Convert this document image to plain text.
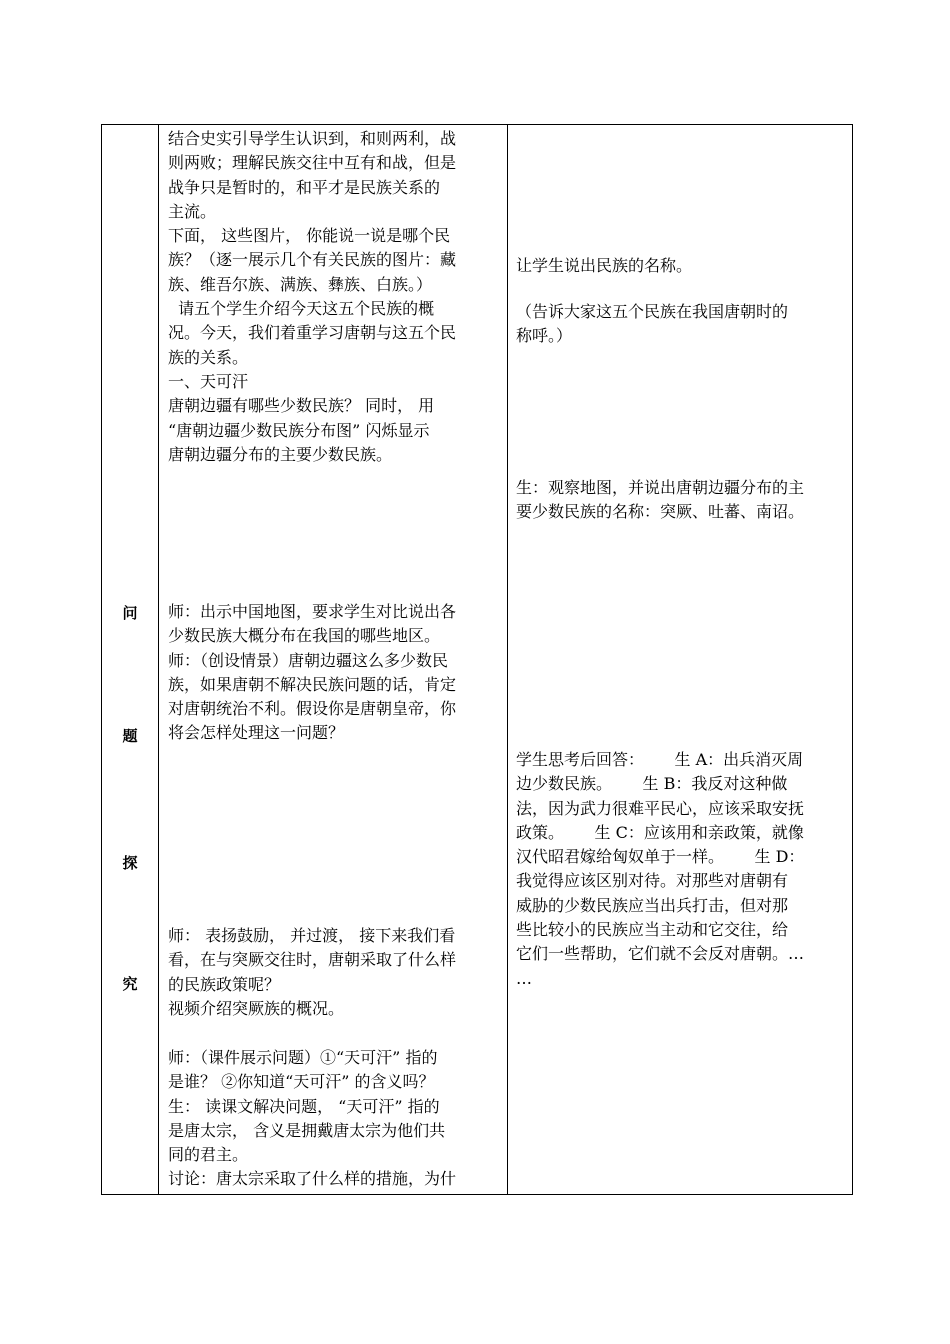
问
题
探
究

结合史实引导学生认识到，和则两利，战

则两败；理解民族交往中互有和战，但是

战争只是暂时的，和平才是民族关系的

主流。

下面， 这些图片， 你能说一说是哪个民

族？（逐一展示几个有关民族的图片：藏

族、维吾尔族、满族、彝族、白族。）

请五个学生介绍今天这五个民族的概

况。今天，我们着重学习唐朝与这五个民

族的关系。

一、天可汗

唐朝边疆有哪些少数民族？ 同时， 用

“唐朝边疆少数民族分布图” 闪烁显示

唐朝边疆分布的主要少数民族。

师：出示中国地图，要求学生对比说出各

少数民族大概分布在我国的哪些地区。

师：（创设情景）唐朝边疆这么多少数民

族，如果唐朝不解决民族问题的话，肯定

对唐朝统治不利。假设你是唐朝皇帝，你

将会怎样处理这一问题？

师： 表扬鼓励， 并过渡， 接下来我们看

看，在与突厥交往时，唐朝采取了什么样

的民族政策呢？

视频介绍突厥族的概况。

师：（课件展示问题）①“天可汗” 指的

是谁？ ②你知道“天可汗” 的含义吗？

生： 读课文解决问题， “天可汗” 指的

是唐太宗， 含义是拥戴唐太宗为他们共

同的君主。

讨论：唐太宗采取了什么样的措施，为什

让学生说出民族的名称。

（告诉大家这五个民族在我国唐朝时的

称呼。）

生：观察地图，并说出唐朝边疆分布的主

要少数民族的名称：突厥、吐蕃、南诏。

学生思考后回答：      生 A：出兵消灭周

边少数民族。      生 B：我反对这种做

法，因为武力很难平民心，应该采取安抚

政策。      生 C：应该用和亲政策，就像

汉代昭君嫁给匈奴单于一样。      生 D：

我觉得应该区别对待。对那些对唐朝有

威胁的少数民族应当出兵打击，但对那

些比较小的民族应当主动和它交往，给

它们一些帮助，它们就不会反对唐朝。…

…
